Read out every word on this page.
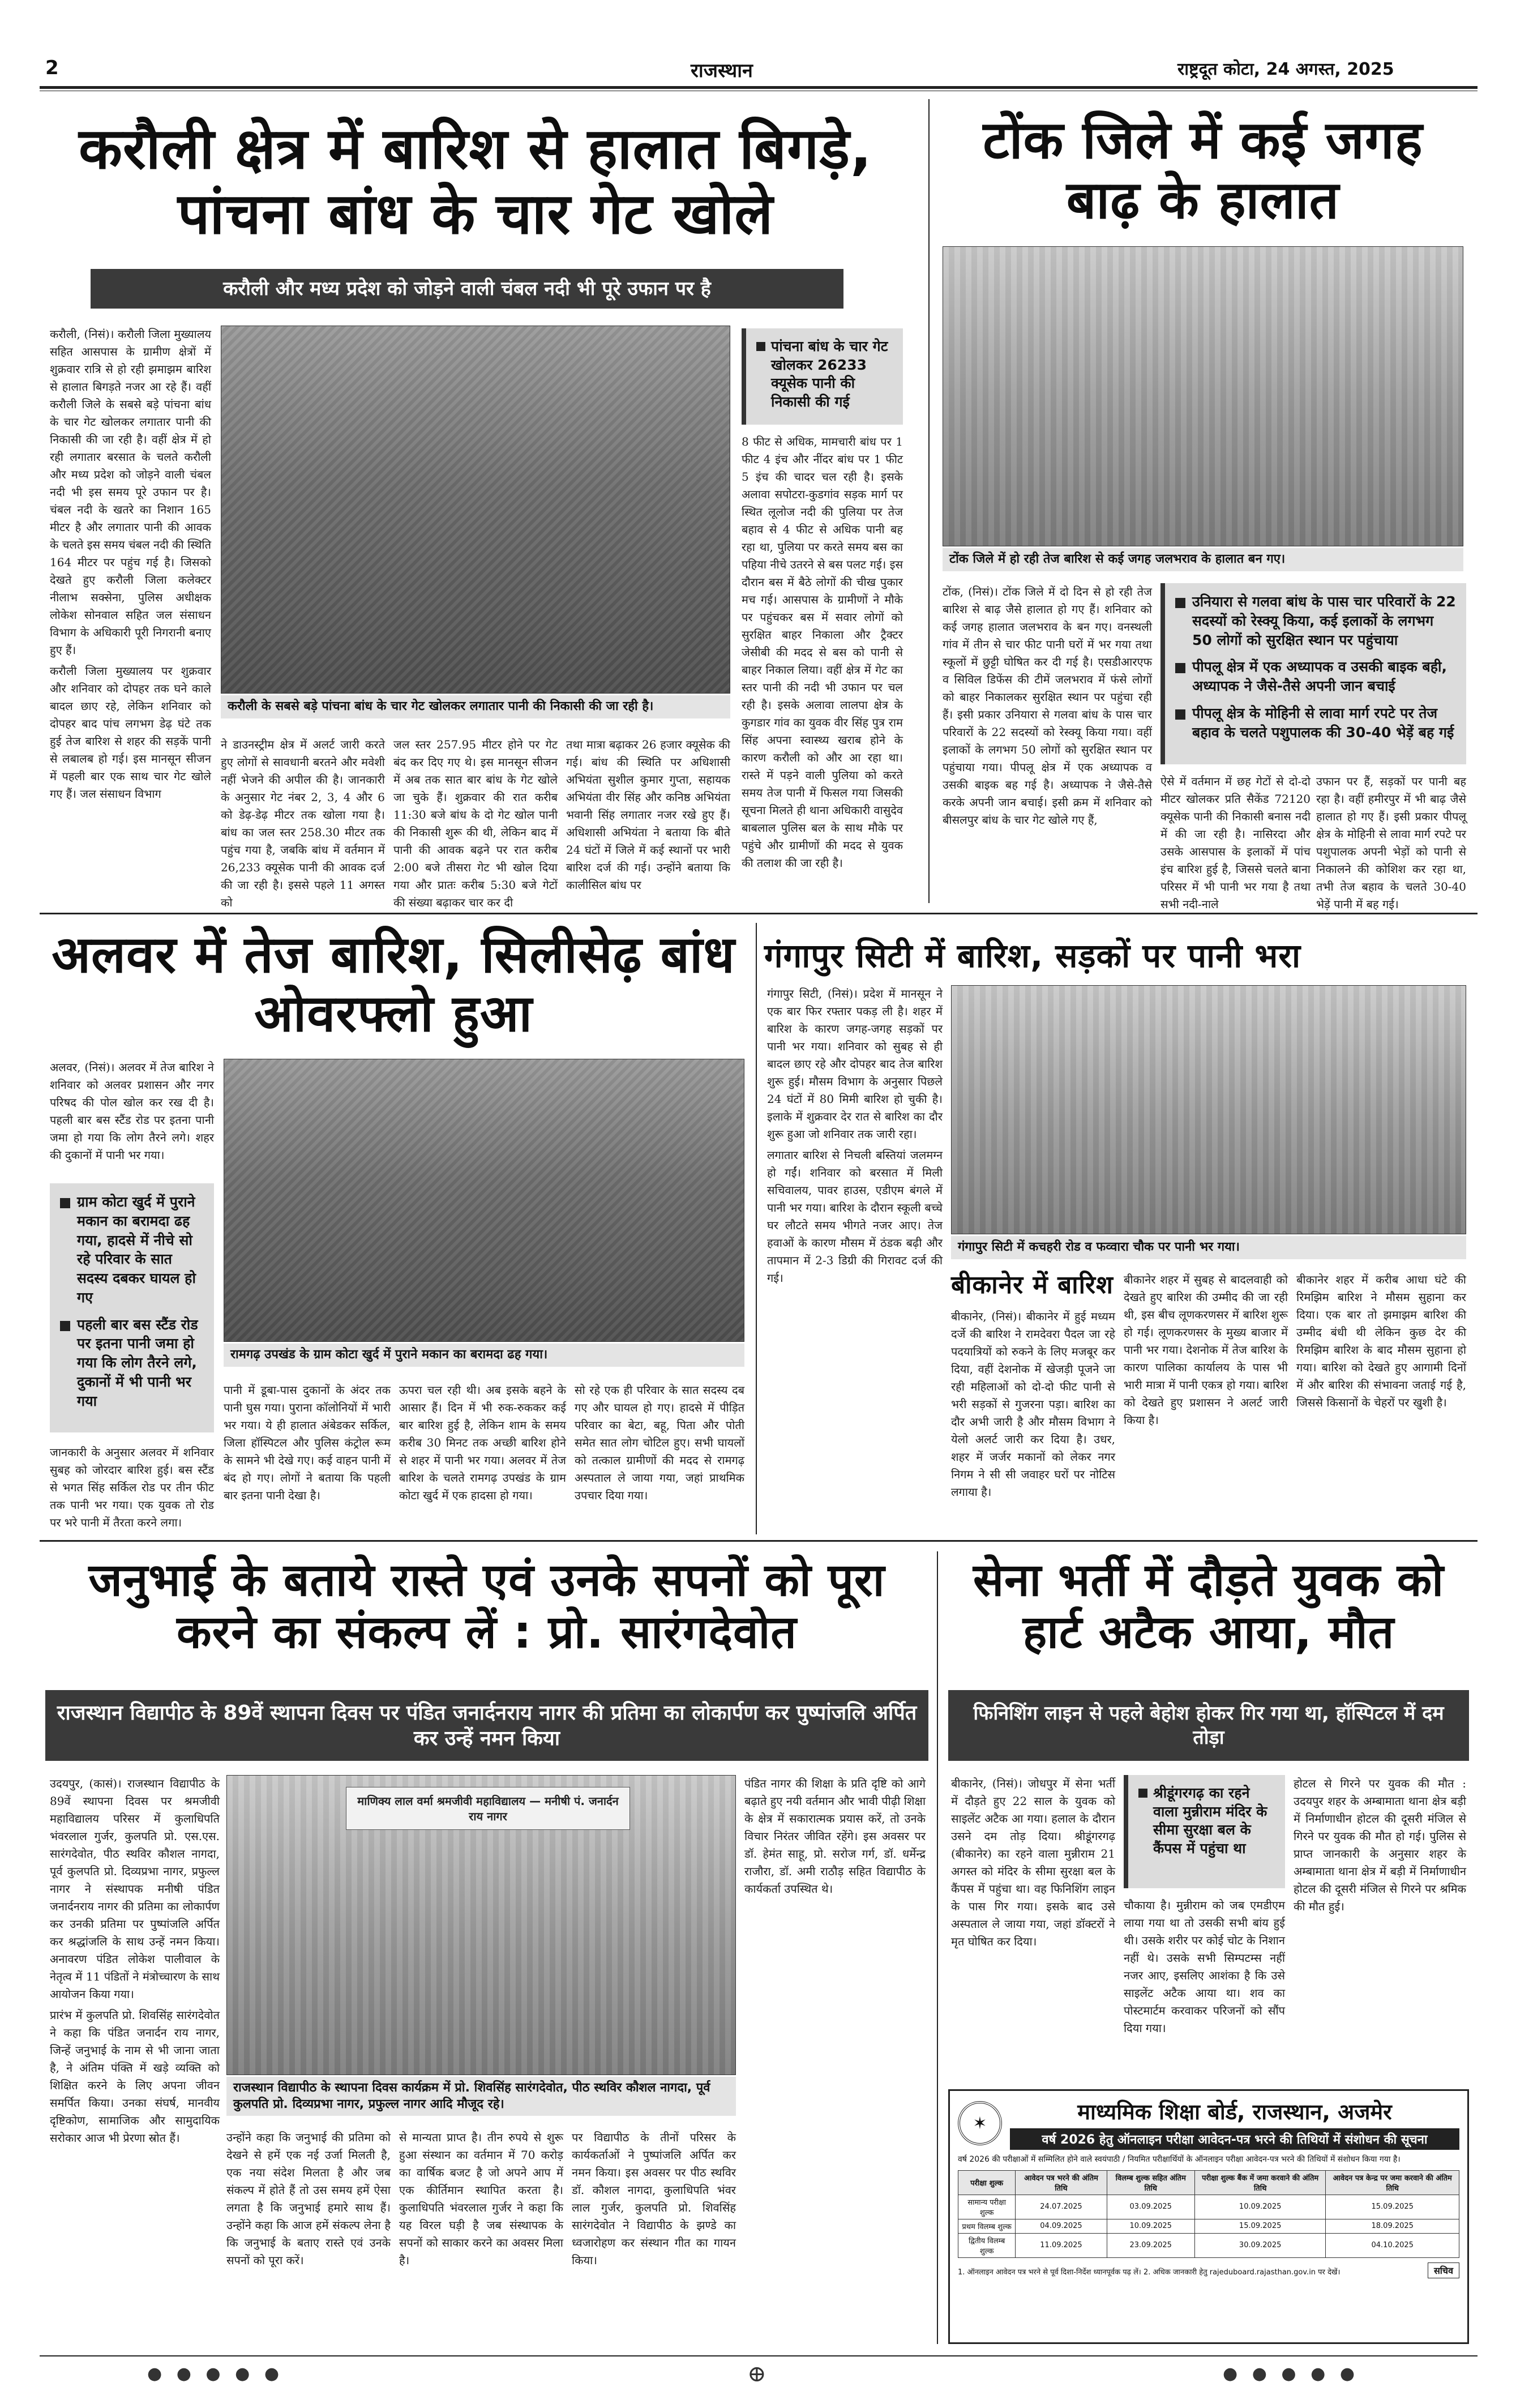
2	राजस्थान	राष्ट्रदूत कोटा, 24 अगस्त, 2025
करौली क्षेत्र में बारिश से हालात बिगड़े, पांचना बांध के चार गेट खोले
करौली और मध्य प्रदेश को जोड़ने वाली चंबल नदी भी पूरे उफान पर है

करौली, (निसं)। करौली जिला मुख्यालय सहित आसपास के ग्रामीण क्षेत्रों में शुक्रवार रात्रि से हो रही झमाझम बारिश से हालात बिगड़ते नजर आ रहे हैं। वहीं करौली जिले के सबसे बड़े पांचना बांध के चार गेट खोलकर लगातार पानी की निकासी की जा रही है। वहीं क्षेत्र में हो रही लगातार बरसात के चलते करौली और मध्य प्रदेश को जोड़ने वाली चंबल नदी भी इस समय पूरे उफान पर है। चंबल नदी के खतरे का निशान 165 मीटर है और लगातार पानी की आवक के चलते इस समय चंबल नदी की स्थिति 164 मीटर पर पहुंच गई है। जिसको देखते हुए करौली जिला कलेक्टर नीलाभ सक्सेना, पुलिस अधीक्षक लोकेश सोनवाल सहित जल संसाधन विभाग के अधिकारी पूरी निगरानी बनाए हुए हैं।

करौली जिला मुख्यालय पर शुक्रवार और शनिवार को दोपहर तक घने काले बादल छाए रहे, लेकिन शनिवार को दोपहर बाद पांच लगभग डेढ़ घंटे तक हुई तेज बारिश से शहर की सड़कें पानी से लबालब हो गई। इस मानसून सीजन में पहली बार एक साथ चार गेट खोले गए हैं। जल संसाधन विभाग

करौली के सबसे बड़े पांचना बांध के चार गेट खोलकर लगातार पानी की निकासी की जा रही है।
पांचना बांध के चार गेट खोलकर 26233 क्यूसेक पानी की निकासी की गई
8 फीट से अधिक, मामचारी बांध पर 1 फीट 4 इंच और नींदर बांध पर 1 फीट 5 इंच की चादर चल रही है। इसके अलावा सपोटरा-कुडगांव सड़क मार्ग पर स्थित लूलोज नदी की पुलिया पर तेज बहाव से 4 फीट से अधिक पानी बह रहा था, पुलिया पर करते समय बस का पहिया नीचे उतरने से बस पलट गई। इस दौरान बस में बैठे लोगों की चीख पुकार मच गई। आसपास के ग्रामीणों ने मौके पर पहुंचकर बस में सवार लोगों को सुरक्षित बाहर निकाला और ट्रैक्टर जेसीबी की मदद से बस को पानी से बाहर निकाल लिया। वहीं क्षेत्र में गेट का स्तर पानी की नदी भी उफान पर चल रही है। इसके अलावा लालपा क्षेत्र के कुगडार गांव का युवक वीर सिंह पुत्र राम सिंह अपना स्वास्थ्य खराब होने के कारण करौली को और आ रहा था। रास्ते में पड़ने वाली पुलिया को करते समय तेज पानी में फिसल गया जिसकी सूचना मिलते ही थाना अधिकारी वासुदेव बाबलाल पुलिस बल के साथ मौके पर पहुंचे और ग्रामीणों की मदद से युवक की तलाश की जा रही है।
ने डाउनस्ट्रीम क्षेत्र में अलर्ट जारी करते हुए लोगों से सावधानी बरतने और मवेशी नहीं भेजने की अपील की है। जानकारी के अनुसार गेट नंबर 2, 3, 4 और 6 को डेढ़-डेढ़ मीटर तक खोला गया है। बांध का जल स्तर 258.30 मीटर तक पहुंच गया है, जबकि बांध में वर्तमान में 26,233 क्यूसेक पानी की आवक दर्ज की जा रही है। इससे पहले 11 अगस्त को
जल स्तर 257.95 मीटर होने पर गेट बंद कर दिए गए थे। इस मानसून सीजन में अब तक सात बार बांध के गेट खोले जा चुके हैं। शुक्रवार की रात करीब 11:30 बजे बांध के दो गेट खोल पानी की निकासी शुरू की थी, लेकिन बाद में पानी की आवक बढ़ने पर रात करीब 2:00 बजे तीसरा गेट भी खोल दिया गया और प्रातः करीब 5:30 बजे गेटों की संख्या बढ़ाकर चार कर दी
तथा मात्रा बढ़ाकर 26 हजार क्यूसेक की गई। बांध की स्थिति पर अधिशासी अभियंता सुशील कुमार गुप्ता, सहायक अभियंता वीर सिंह और कनिष्ठ अभियंता भवानी सिंह लगातार नजर रखे हुए हैं। अधिशासी अभियंता ने बताया कि बीते 24 घंटों में जिले में कई स्थानों पर भारी बारिश दर्ज की गई। उन्होंने बताया कि कालीसिल बांध पर
टोंक जिले में कई जगह बाढ़ के हालात
टोंक जिले में हो रही तेज बारिश से कई जगह जलभराव के हालात बन गए।
टोंक, (निसं)। टोंक जिले में दो दिन से हो रही तेज बारिश से बाढ़ जैसे हालात हो गए हैं। शनिवार को कई जगह हालात जलभराव के बन गए। वनस्थली गांव में तीन से चार फीट पानी घरों में भर गया तथा स्कूलों में छुट्टी घोषित कर दी गई है। एसडीआरएफ व सिविल डिफेंस की टीमें जलभराव में फंसे लोगों को बाहर निकालकर सुरक्षित स्थान पर पहुंचा रही हैं। इसी प्रकार उनियारा से गलवा बांध के पास चार परिवारों के 22 सदस्यों को रेस्क्यू किया गया। वहीं इलाकों के लगभग 50 लोगों को सुरक्षित स्थान पर पहुंचाया गया। पीपलू क्षेत्र में एक अध्यापक व उसकी बाइक बह गई है। अध्यापक ने जैसे-तैसे करके अपनी जान बचाई। इसी क्रम में शनिवार को बीसलपुर बांध के चार गेट खोले गए हैं,
उनियारा से गलवा बांध के पास चार परिवारों के 22 सदस्यों को रेस्क्यू किया, कई इलाकों के लगभग 50 लोगों को सुरक्षित स्थान पर पहुंचाया
पीपलू क्षेत्र में एक अध्यापक व उसकी बाइक बही, अध्यापक ने जैसे-तैसे अपनी जान बचाई
पीपलू क्षेत्र के मोहिनी से लावा मार्ग रपटे पर तेज बहाव के चलते पशुपालक की 30-40 भेड़ें बह गई
ऐसे में वर्तमान में छह गेटों से दो-दो मीटर खोलकर प्रति सैकेंड 72120 क्यूसेक पानी की निकासी बनास नदी में की जा रही है। नासिरदा और उसके आसपास के इलाकों में पांच इंच बारिश हुई है, जिससे चलते बाना परिसर में भी पानी भर गया है तथा सभी नदी-नाले
उफान पर हैं, सड़कों पर पानी बह रहा है। वहीं हमीरपुर में भी बाढ़ जैसे हालात हो गए हैं। इसी प्रकार पीपलू क्षेत्र के मोहिनी से लावा मार्ग रपटे पर पशुपालक अपनी भेड़ों को पानी से निकालने की कोशिश कर रहा था, तभी तेज बहाव के चलते 30-40 भेड़ें पानी में बह गई।
अलवर में तेज बारिश, सिलीसेढ़ बांध ओवरफ्लो हुआ
अलवर, (निसं)। अलवर में तेज बारिश ने शनिवार को अलवर प्रशासन और नगर परिषद की पोल खोल कर रख दी है। पहली बार बस स्टैंड रोड पर इतना पानी जमा हो गया कि लोग तैरने लगे। शहर की दुकानों में पानी भर गया।
ग्राम कोटा खुर्द में पुराने मकान का बरामदा ढह गया, हादसे में नीचे सो रहे परिवार के सात सदस्य दबकर घायल हो गए
पहली बार बस स्टैंड रोड पर इतना पानी जमा हो गया कि लोग तैरने लगे, दुकानों में भी पानी भर गया
जानकारी के अनुसार अलवर में शनिवार सुबह को जोरदार बारिश हुई। बस स्टैंड से भगत सिंह सर्किल रोड पर तीन फीट तक पानी भर गया। एक युवक तो रोड पर भरे पानी में तैरता करने लगा।
रामगढ़ उपखंड के ग्राम कोटा खुर्द में पुराने मकान का बरामदा ढह गया।
पानी में डूबा-पास दुकानों के अंदर तक पानी घुस गया। पुराना कॉलोनियों में भारी भर गया। ये ही हालात अंबेडकर सर्किल, जिला हॉस्पिटल और पुलिस कंट्रोल रूम के सामने भी देखे गए। कई वाहन पानी में बंद हो गए। लोगों ने बताया कि पहली बार इतना पानी देखा है।
ऊपरा चल रही थी। अब इसके बहने के आसार हैं। दिन में भी रुक-रुककर कई बार बारिश हुई है, लेकिन शाम के समय करीब 30 मिनट तक अच्छी बारिश होने से शहर में पानी भर गया। अलवर में तेज बारिश के चलते रामगढ़ उपखंड के ग्राम कोटा खुर्द में एक हादसा हो गया।
सो रहे एक ही परिवार के सात सदस्य दब गए और घायल हो गए। हादसे में पीड़ित परिवार का बेटा, बहू, पिता और पोती समेत सात लोग चोटिल हुए। सभी घायलों को तत्काल ग्रामीणों की मदद से रामगढ़ अस्पताल ले जाया गया, जहां प्राथमिक उपचार दिया गया।
गंगापुर सिटी में बारिश, सड़कों पर पानी भरा

गंगापुर सिटी, (निसं)। प्रदेश में मानसून ने एक बार फिर रफ्तार पकड़ ली है। शहर में बारिश के कारण जगह-जगह सड़कों पर पानी भर गया। शनिवार को सुबह से ही बादल छाए रहे और दोपहर बाद तेज बारिश शुरू हुई। मौसम विभाग के अनुसार पिछले 24 घंटों में 80 मिमी बारिश हो चुकी है। इलाके में शुक्रवार देर रात से बारिश का दौर शुरू हुआ जो शनिवार तक जारी रहा।

लगातार बारिश से निचली बस्तियां जलमग्न हो गईं। शनिवार को बरसात में मिली सचिवालय, पावर हाउस, एडीएम बंगले में पानी भर गया। बारिश के दौरान स्कूली बच्चे घर लौटते समय भीगते नजर आए। तेज हवाओं के कारण मौसम में ठंडक बढ़ी और तापमान में 2-3 डिग्री की गिरावट दर्ज की गई।

गंगापुर सिटी में कचहरी रोड व फव्वारा चौक पर पानी भर गया।
बीकानेर में बारिश
बीकानेर, (निसं)। बीकानेर में हुई मध्यम दर्जे की बारिश ने रामदेवरा पैदल जा रहे पदयात्रियों को रुकने के लिए मजबूर कर दिया, वहीं देशनोक में खेजड़ी पूजने जा रही महिलाओं को दो-दो फीट पानी से भरी सड़कों से गुजरना पड़ा। बारिश का दौर अभी जारी है और मौसम विभाग ने येलो अलर्ट जारी कर दिया है। उधर, शहर में जर्जर मकानों को लेकर नगर निगम ने सी सी जवाहर घरों पर नोटिस लगाया है।
बीकानेर शहर में सुबह से बादलवाही को देखते हुए बारिश की उम्मीद की जा रही थी, इस बीच लूणकरणसर में बारिश शुरू हो गई। लूणकरणसर के मुख्य बाजार में पानी भर गया। देशनोक में तेज बारिश के कारण पालिका कार्यालय के पास भी भारी मात्रा में पानी एकत्र हो गया। बारिश को देखते हुए प्रशासन ने अलर्ट जारी किया है।
बीकानेर शहर में करीब आधा घंटे की रिमझिम बारिश ने मौसम सुहाना कर दिया। एक बार तो झमाझम बारिश की उम्मीद बंधी थी लेकिन कुछ देर की रिमझिम बारिश के बाद मौसम सुहाना हो गया। बारिश को देखते हुए आगामी दिनों में और बारिश की संभावना जताई गई है, जिससे किसानों के चेहरों पर खुशी है।
जनुभाई के बताये रास्ते एवं उनके सपनों को पूरा करने का संकल्प लें : प्रो. सारंगदेवोत
राजस्थान विद्यापीठ के 89वें स्थापना दिवस पर पंडित जनार्दनराय नागर की प्रतिमा का लोकार्पण कर पुष्पांजलि अर्पित कर उन्हें नमन किया

उदयपुर, (कासं)। राजस्थान विद्यापीठ के 89वें स्थापना दिवस पर श्रमजीवी महाविद्यालय परिसर में कुलाधिपति भंवरलाल गुर्जर, कुलपति प्रो. एस.एस. सारंगदेवोत, पीठ स्थविर कौशल नागदा, पूर्व कुलपति प्रो. दिव्यप्रभा नागर, प्रफुल्ल नागर ने संस्थापक मनीषी पंडित जनार्दनराय नागर की प्रतिमा का लोकार्पण कर उनकी प्रतिमा पर पुष्पांजलि अर्पित कर श्रद्धांजलि के साथ उन्हें नमन किया। अनावरण पंडित लोकेश पालीवाल के नेतृत्व में 11 पंडितों ने मंत्रोच्चारण के साथ आयोजन किया गया।

प्रारंभ में कुलपति प्रो. शिवसिंह सारंगदेवोत ने कहा कि पंडित जनार्दन राय नागर, जिन्हें जनुभाई के नाम से भी जाना जाता है, ने अंतिम पंक्ति में खड़े व्यक्ति को शिक्षित करने के लिए अपना जीवन समर्पित किया। उनका संघर्ष, मानवीय दृष्टिकोण, सामाजिक और सामुदायिक सरोकार आज भी प्रेरणा स्रोत हैं।

माणिक्य लाल वर्मा श्रमजीवी महाविद्यालय — मनीषी पं. जनार्दन राय नागर
राजस्थान विद्यापीठ के स्थापना दिवस कार्यक्रम में प्रो. शिवसिंह सारंगदेवोत, पीठ स्थविर कौशल नागदा, पूर्व कुलपति प्रो. दिव्यप्रभा नागर, प्रफुल्ल नागर आदि मौजूद रहे।
उन्होंने कहा कि जनुभाई की प्रतिमा को देखने से हमें एक नई उर्जा मिलती है, एक नया संदेश मिलता है और जब संकल्प में होते हैं तो उस समय हमें ऐसा लगता है कि जनुभाई हमारे साथ हैं। उन्होंने कहा कि आज हमें संकल्प लेना है कि जनुभाई के बताए रास्ते एवं उनके सपनों को पूरा करें।
से मान्यता प्राप्त है। तीन रुपये से शुरू हुआ संस्थान का वर्तमान में 70 करोड़ का वार्षिक बजट है जो अपने आप में एक कीर्तिमान स्थापित करता है। कुलाधिपति भंवरलाल गुर्जर ने कहा कि यह विरल घड़ी है जब संस्थापक के सपनों को साकार करने का अवसर मिला है।
पर विद्यापीठ के तीनों परिसर के कार्यकर्ताओं ने पुष्पांजलि अर्पित कर नमन किया। इस अवसर पर पीठ स्थविर डॉ. कौशल नागदा, कुलाधिपति भंवर लाल गुर्जर, कुलपति प्रो. शिवसिंह सारंगदेवोत ने विद्यापीठ के झण्डे का ध्वजारोहण कर संस्थान गीत का गायन किया।
पंडित नागर की शिक्षा के प्रति दृष्टि को आगे बढ़ाते हुए नयी वर्तमान और भावी पीढ़ी शिक्षा के क्षेत्र में सकारात्मक प्रयास करें, तो उनके विचार निरंतर जीवित रहेंगे। इस अवसर पर डॉ. हेमंत साहू, प्रो. सरोज गर्ग, डॉ. धर्मेन्द्र राजौरा, डॉ. अमी राठौड़ सहित विद्यापीठ के कार्यकर्ता उपस्थित थे।
सेना भर्ती में दौड़ते युवक को हार्ट अटैक आया, मौत
फिनिशिंग लाइन से पहले बेहोश होकर गिर गया था, हॉस्पिटल में दम तोड़ा
बीकानेर, (निसं)। जोधपुर में सेना भर्ती में दौड़ते हुए 22 साल के युवक को साइलेंट अटैक आ गया। हलाल के दौरान उसने दम तोड़ दिया। श्रीडूंगरगढ़ (बीकानेर) का रहने वाला मुन्नीराम 21 अगस्त को मंदिर के सीमा सुरक्षा बल के कैंपस में पहुंचा था। वह फिनिशिंग लाइन के पास गिर गया। इसके बाद उसे अस्पताल ले जाया गया, जहां डॉक्टरों ने मृत घोषित कर दिया।
श्रीडूंगरगढ़ का रहने वाला मुन्नीराम मंदिर के सीमा सुरक्षा बल के कैंपस में पहुंचा था
चौकाया है। मुन्नीराम को जब एमडीएम लाया गया था तो उसकी सभी बांय हुई थी। उसके शरीर पर कोई चोट के निशान नहीं थे। उसके सभी सिम्पटम्स नहीं नजर आए, इसलिए आशंका है कि उसे साइलेंट अटैक आया था। शव का पोस्टमार्टम करवाकर परिजनों को सौंप दिया गया।
होटल से गिरने पर युवक की मौत : उदयपुर शहर के अम्बामाता थाना क्षेत्र बड़ी में निर्माणाधीन होटल की दूसरी मंजिल से गिरने पर युवक की मौत हो गई। पुलिस से प्राप्त जानकारी के अनुसार शहर के अम्बामाता थाना क्षेत्र में बड़ी में निर्माणाधीन होटल की दूसरी मंजिल से गिरने पर श्रमिक की मौत हुई।
✶	माध्यमिक शिक्षा बोर्ड, राजस्थान, अजमेर
वर्ष 2026 हेतु ऑनलाइन परीक्षा आवेदन-पत्र भरने की तिथियों में संशोधन की सूचना
वर्ष 2026 की परीक्षाओं में सम्मिलित होने वाले स्वयंपाठी / नियमित परीक्षार्थियों के ऑनलाइन परीक्षा आवेदन-पत्र भरने की तिथियों में संशोधन किया गया है।
परीक्षा शुल्क	आवेदन पत्र भरने की अंतिम तिथि	विलम्ब शुल्क सहित अंतिम तिथि	परीक्षा शुल्क बैंक में जमा करवाने की अंतिम तिथि	आवेदन पत्र केन्द्र पर जमा करवाने की अंतिम तिथि
सामान्य परीक्षा शुल्क	24.07.2025	03.09.2025	10.09.2025	15.09.2025
प्रथम विलम्ब शुल्क	04.09.2025	10.09.2025	15.09.2025	18.09.2025
द्वितीय विलम्ब शुल्क	11.09.2025	23.09.2025	30.09.2025	04.10.2025
1. ऑनलाइन आवेदन पत्र भरने से पूर्व दिशा-निर्देश ध्यानपूर्वक पढ़ लें। 2. अधिक जानकारी हेतु rajeduboard.rajasthan.gov.in पर देखें।	सचिव
● ● ● ● ●	⊕	● ● ● ● ●
